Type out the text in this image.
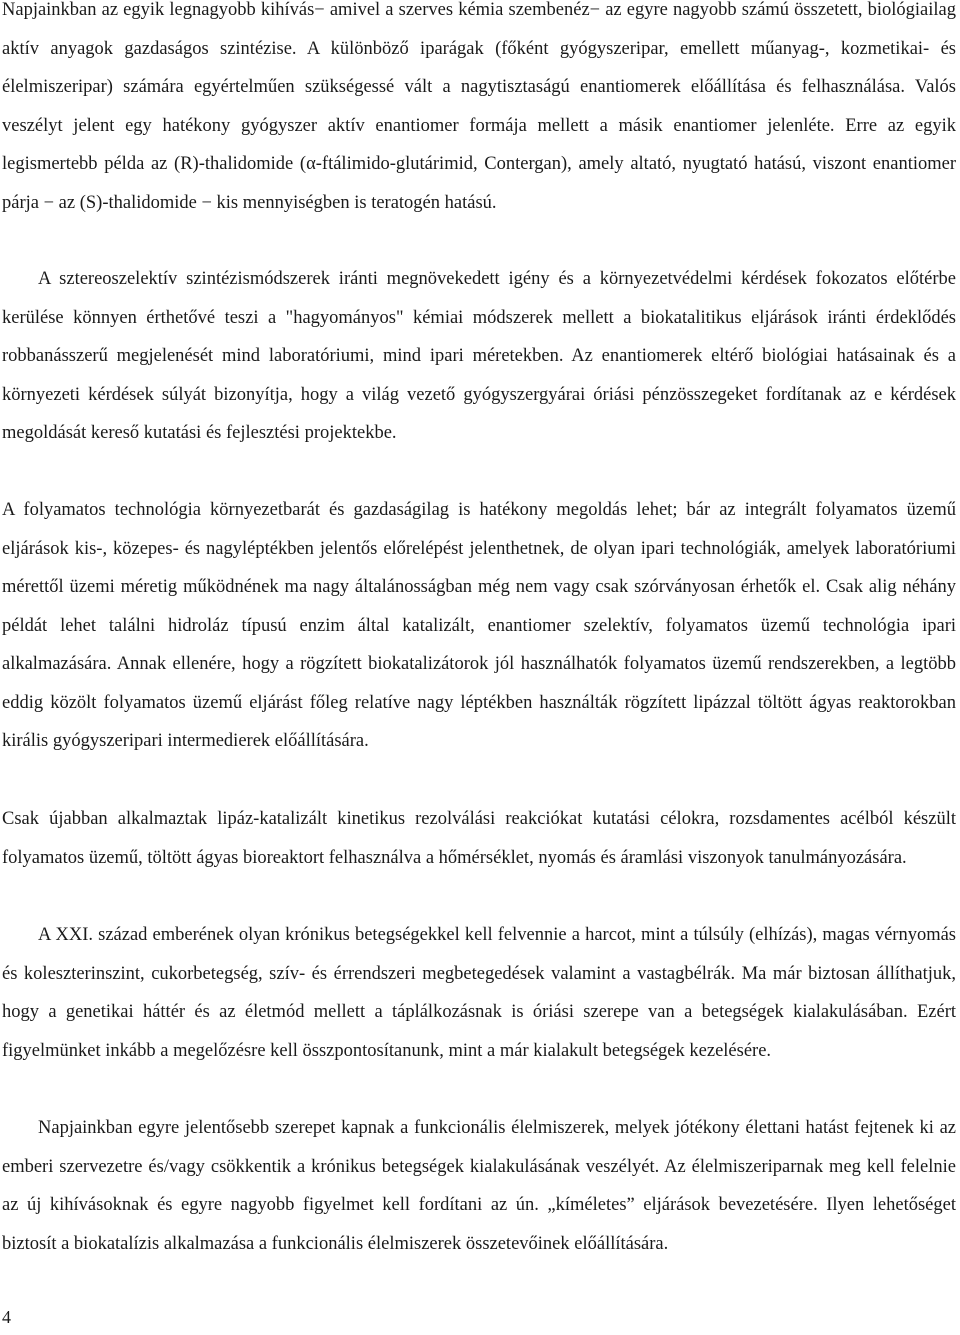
Napjainkban az egyik legnagyobb kihívás− amivel a szerves kémia szembenéz− az egyre nagyobb számú összetett, biológiailag aktív anyagok gazdaságos szintézise. A különböző iparágak (főként gyógyszeripar, emellett műanyag-, kozmetikai- és élelmiszeripar) számára egyértelműen szükségessé vált a nagytisztaságú enantiomerek előállítása és felhasználása. Valós veszélyt jelent egy hatékony gyógyszer aktív enantiomer formája mellett a másik enantiomer jelenléte. Erre az egyik legismertebb példa az (R)-thalidomide (α-ftálimido-glutárimid, Contergan), amely altató, nyugtató hatású, viszont enantiomer párja − az (S)-thalidomide − kis mennyiségben is teratogén hatású.

A sztereoszelektív szintézismódszerek iránti megnövekedett igény és a környezetvédelmi kérdések fokozatos előtérbe kerülése könnyen érthetővé teszi a "hagyományos" kémiai módszerek mellett a biokatalitikus eljárások iránti érdeklődés robbanásszerű megjelenését mind laboratóriumi, mind ipari méretekben. Az enantiomerek eltérő biológiai hatásainak és a környezeti kérdések súlyát bizonyítja, hogy a világ vezető gyógyszergyárai óriási pénzösszegeket fordítanak az e kérdések megoldását kereső kutatási és fejlesztési projektekbe.

A folyamatos technológia környezetbarát és gazdaságilag is hatékony megoldás lehet; bár az integrált folyamatos üzemű eljárások kis-, közepes- és nagyléptékben jelentős előrelépést jelenthetnek, de olyan ipari technológiák, amelyek laboratóriumi mérettől üzemi méretig működnének ma nagy általánosságban még nem vagy csak szórványosan érhetők el. Csak alig néhány példát lehet találni hidroláz típusú enzim által katalizált, enantiomer szelektív, folyamatos üzemű technológia ipari alkalmazására. Annak ellenére, hogy a rögzített biokatalizátorok jól használhatók folyamatos üzemű rendszerekben, a legtöbb eddig közölt folyamatos üzemű eljárást főleg relatíve nagy léptékben használták rögzített lipázzal töltött ágyas reaktorokban királis gyógyszeripari intermedierek előállítására.

Csak újabban alkalmaztak lipáz-katalizált kinetikus rezolválási reakciókat kutatási célokra, rozsdamentes acélból készült folyamatos üzemű, töltött ágyas bioreaktort felhasználva a hőmérséklet, nyomás és áramlási viszonyok tanulmányozására.

A XXI. század emberének olyan krónikus betegségekkel kell felvennie a harcot, mint a túlsúly (elhízás), magas vérnyomás és koleszterinszint, cukorbetegség, szív- és érrendszeri megbetegedések valamint a vastagbélrák. Ma már biztosan állíthatjuk, hogy a genetikai háttér és az életmód mellett a táplálkozásnak is óriási szerepe van a betegségek kialakulásában. Ezért figyelmünket inkább a megelőzésre kell összpontosítanunk, mint a már kialakult betegségek kezelésére.

Napjainkban egyre jelentősebb szerepet kapnak a funkcionális élelmiszerek, melyek jótékony élettani hatást fejtenek ki az emberi szervezetre és/vagy csökkentik a krónikus betegségek kialakulásának veszélyét. Az élelmiszeriparnak meg kell felelnie az új kihívásoknak és egyre nagyobb figyelmet kell fordítani az ún. „kíméletes” eljárások bevezetésére. Ilyen lehetőséget biztosít a biokatalízis alkalmazása a funkcionális élelmiszerek összetevőinek előállítására.

4
